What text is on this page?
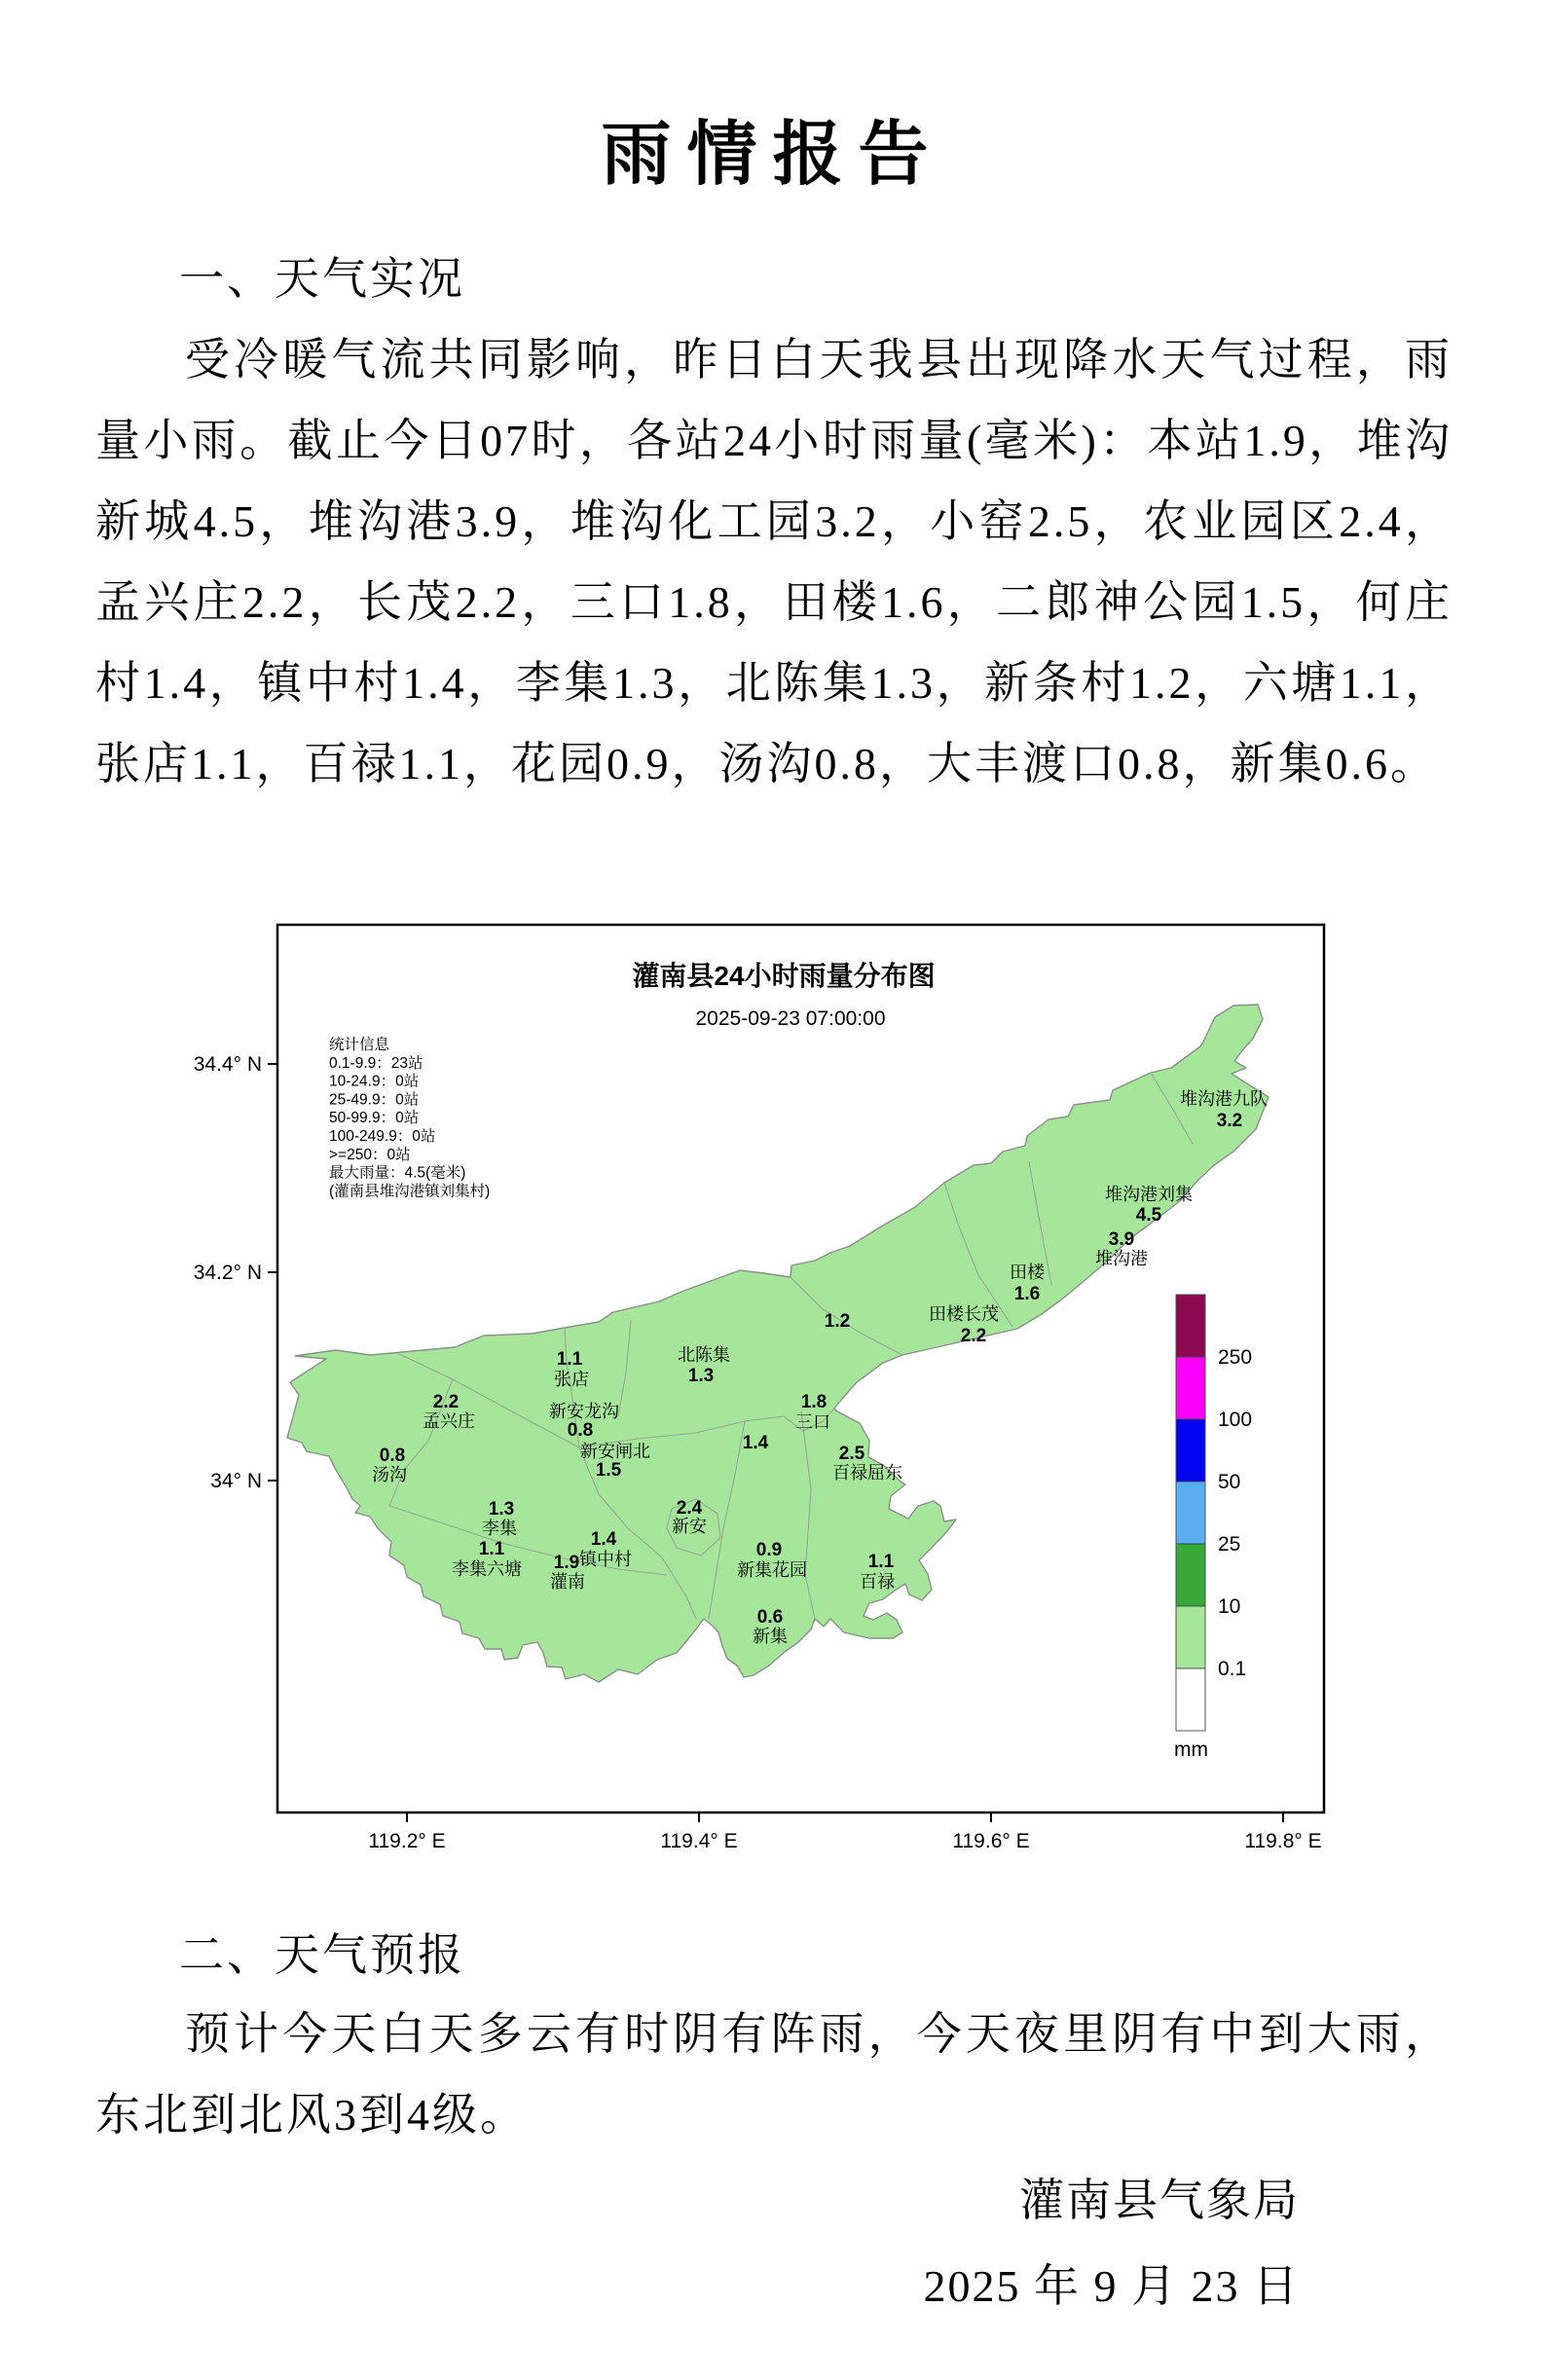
雨情报告
一、天气实况

受冷暖气流共同影响，昨日白天我县出现降水天气过程，雨量小雨。截止今日07时，各站24小时雨量(毫米)：本站1.9，堆沟新城4.5，堆沟港3.9，堆沟化工园3.2，小窑2.5，农业园区2.4，孟兴庄2.2，长茂2.2，三口1.8，田楼1.6，二郎神公园1.5，何庄村1.4，镇中村1.4，李集1.3，北陈集1.3，新条村1.2，六塘1.1，张店1.1，百禄1.1，花园0.9，汤沟0.8，大丰渡口0.8，新集0.6。

灌南县24小时雨量分布图
2025-09-23 07:00:00
统计信息
0.1-9.9：23站
10-24.9：0站
25-49.9：0站
50-99.9：0站
100-249.9：0站
>=250：0站
最大雨量：4.5(毫米)
(灌南县堆沟港镇刘集村)
3.2
堆沟港九队
4.5
堆沟港刘集
3.9
堆沟港
1.6
田楼
2.2
田楼长茂
1.2
1.1
张店	1.3
北陈集
2.2
孟兴庄	0.8
新安龙沟
0.8
汤沟	1.5
新安闸北
1.8
三口
1.4
2.5
百禄屈东
1.3
李集
2.4
新安
1.1
李集六塘
1.4
镇中村
1.9
灌南
0.9
新集花园	1.1
百禄
0.6
新集
250
100
50
25
10
0.1
mm
119.2° E	119.4° E	119.6° E	119.8° E
34.4° N
34.2° N
34° N
二、天气预报

预计今天白天多云有时阴有阵雨，今天夜里阴有中到大雨，东北到北风3到4级。

灌南县气象局
2025 年 9 月 23 日
